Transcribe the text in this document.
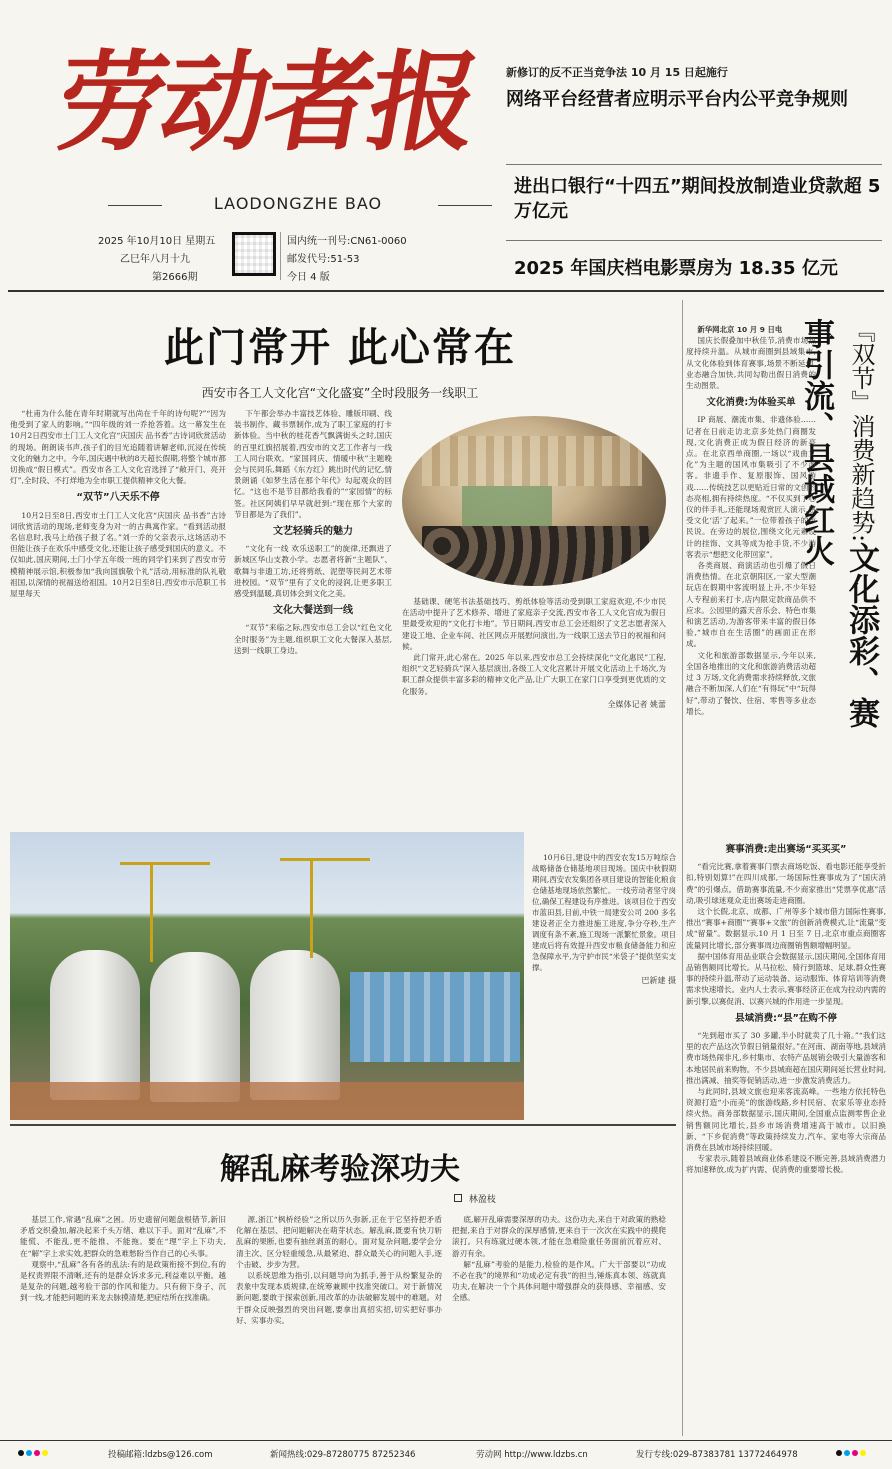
劳动者报
LAODONGZHE BAO
2025 年10月10日 星期五
乙巳年八月十九
第2666期
国内统一刊号:CN61-0060
邮发代号:51-53
今日 4 版
新修订的反不正当竞争法 10 月 15 日起施行
网络平台经营者应明示平台内公平竞争规则
进出口银行“十四五”期间投放制造业贷款超 5 万亿元
2025 年国庆档电影票房为 18.35 亿元
此门常开 此心常在
西安市各工人文化宫“文化盛宴”全时段服务一线职工

“杜甫为什么能在青年时期就写出尚在千年的诗句呢?”“因为他受到了家人的影响。”“四年级的刘一乔抢答着。这一幕发生在10月2日西安市土门工人文化宫“庆国庆 品书香”古诗词欣赏活动的现场。朗朗读书声,孩子们的目光追随着讲解老师,沉浸在传统文化的魅力之中。今年,国庆遇中秋的8天超长假期,将整个城市都切换成“假日模式”。西安市各工人文化宫选择了“敞开门、亮开灯”,全时段、不打烊地为全市职工提供精神文化大餐。

“双节”八天乐不停

10月2日至8日,西安市土门工人文化宫“庆国庆 品书香”古诗词欣赏活动的现场,老师变身为对一的古典寓作家。“看到活动报名信息时,我马上给孩子报了名。”刘一乔的父亲表示,这场活动不但能让孩子在欢乐中感受文化,还能让孩子感受到国庆的意义。不仅如此,国庆期间,土门小学五年级一班的同学们来到了西安市劳模精神展示馆,积极参加“我向国旗敬个礼”活动,用标准的队礼敬祖国,以深情的祝福送给祖国。10月2日至8日,西安市示范职工书屋里每天

下午都会举办丰富技艺体验、雕版印刷、线装书制作、藏书票制作,成为了职工家庭的打卡新体验。当中秋的桂花香气飘满街头之时,国庆的百里红旗招展着,西安市的文艺工作者与一线工人同台联欢。“家国同庆、情暖中秋”主题晚会与民同乐,舞蹈《东方红》跳出时代的记忆,情景朗诵《如梦生活在那个年代》勾起观众的回忆。“这也不是节目都给我看的”“家园情”的标签。社区阿姨们早早就赶到:“现在那个大家的节目都是为了我们”。

文艺轻骑兵的魅力

“文化有一线 欢乐送职工”的旋律,还飘进了新城区华山支教小学。志愿者将新“主题队”、歌舞与非遗工坊,还将剪纸、泥塑等民间艺术带进校园。“双节”里有了文化的浸润,让更多职工感受到温暖,真切体会到文化之美。

文化大餐送到一线

“双节”来临之际,西安市总工会以“红色文化 全时服务”为主题,组织职工文化大餐深入基层,送到一线职工身边。

基础课、硬笔书法基础技巧、剪纸体验等活动受到职工家庭欢迎,不少市民在活动中提升了艺术修养、增进了家庭亲子交流,西安市各工人文化宫成为假日里最受欢迎的“文化打卡地”。节日期间,西安市总工会还组织了文艺志愿者深入建设工地、企业车间、社区网点开展慰问演出,为一线职工送去节日的祝福和问候。

此门常开,此心常在。2025 年以来,西安市总工会持续深化“文化惠民”工程,组织“文艺轻骑兵”深入基层演出,各级工人文化宫累计开展文化活动上千场次,为职工群众提供丰富多彩的精神文化产品,让广大职工在家门口享受到更优质的文化服务。

全媒体记者 姚蕾

10月6日,建设中的西安农发15万吨综合战略储备仓储基地项目现场。国庆中秋假期期间,西安农发集团各项目建设的智能化粮食仓储基地现场依然繁忙。一线劳动者坚守岗位,确保工程建设有序推进。该项目位于西安市蓝田县,目前,中铁一局建安公司 200 多名建设者正全力推进施工进度,争分夺秒,生产调度有条不紊,施工现场一派繁忙景象。项目建成后将有效提升西安市粮食储备能力和应急保障水平,为守护市民“米袋子”提供坚实支撑。

巴新建 摄
解乱麻考验深功夫
林盈枝

基层工作,常遇“乱麻”之困。历史遗留问题盘根错节,新旧矛盾交织叠加,解决起来千头万绪、难以下手。面对“乱麻”,不能慌、不能乱,更不能推、不能拖。要在“理”字上下功夫,在“解”字上求实效,把群众的急难愁盼当作自己的心头事。

观察中,“乱麻”各有各的乱法:有的是政策衔接不到位,有的是权责界限不清晰,还有的是群众诉求多元,利益难以平衡。越是复杂的问题,越考验干部的作风和能力。只有俯下身子、沉到一线,才能把问题的来龙去脉摸清楚,把症结所在找准确。

源,浙江“枫桥经验”之所以历久弥新,正在于它坚持把矛盾化解在基层、把问题解决在萌芽状态。解乱麻,既要有快刀斩乱麻的果断,也要有抽丝剥茧的耐心。面对复杂问题,要学会分清主次、区分轻重缓急,从最紧迫、群众最关心的问题入手,逐个击破、步步为营。

以系统思维为指引,以问题导向为抓手,善于从纷繁复杂的表象中发现本质规律,在统筹兼顾中找准突破口。对于新情况新问题,要敢于探索创新,用改革的办法破解发展中的难题。对于群众反映强烈的突出问题,要拿出真招实招,切实把好事办好、实事办实。

底,解开乱麻需要深厚的功夫。这份功夫,来自于对政策的熟稔把握,来自于对群众的深厚感情,更来自于一次次在实践中的摸爬滚打。只有练就过硬本领,才能在急难险重任务面前沉着应对、游刃有余。

解“乱麻”考验的是能力,检验的是作风。广大干部要以“功成不必在我”的境界和“功成必定有我”的担当,锤炼真本领、练就真功夫,在解决一个个具体问题中增强群众的获得感、幸福感、安全感。

『双节』消费新趋势:文化添彩、赛事引流、县域红火

新华网北京 10 月 9 日电

国庆长假叠加中秋佳节,消费市场热度持续升温。从城市商圈到县域集市,从文化体验到体育赛事,场景不断延伸,业态融合加快,共同勾勒出假日消费的生动图景。

文化消费:为体验买单

IP 商展、潮流市集、非遗体验……记者在日前走访北京多处热门商圈发现,文化消费正成为假日经济的新亮点。在北京西单商圈,一场以“戏曲文化”为主题的国风市集吸引了不少游客。非遗手作、复原服饰、国风游戏……传统技艺以更贴近日常的文创形态亮相,拥有持续热度。“不仅买到了心仪的伴手礼,还能现场观赏匠人演示,感受文化‘活’了起来。”一位带着孩子的市民说。在旁边的展位,围绕文化元素设计的挂饰、文具等成为抢手货,不少游客表示“想把文化带回家”。

各类商展、商演活动也引爆了假日消费热情。在北京朝阳区,一家大型潮玩店在假期中客流明显上升,不少年轻人专程前来打卡,店内限定款商品供不应求。公园里的露天音乐会、特色市集和演艺活动,为游客带来丰富的假日体验,“城市自在生活圈”的画面正在形成。

文化和旅游部数据显示,今年以来,全国各地推出的文化和旅游消费活动超过 3 万场,文化消费需求持续释放,文旅融合不断加深,人们在“有得玩”中“玩得好”,带动了餐饮、住宿、零售等多业态增长。

赛事消费:走出赛场“买买买”

“看完比赛,拿着赛事门票去商场吃饭、看电影还能享受折扣,特别划算!”在四川成都,一场国际性赛事成为了“国庆消费”的引爆点。借助赛事流量,不少商家推出“凭票享优惠”活动,吸引球迷观众走出赛场走进商圈。

这个长假,北京、成都、广州等多个城市借力国际性赛事,推出“赛事+商圈”“赛事+文旅”的创新消费模式,让“流量”变成“留量”。数据显示,10 月 1 日至 7 日,北京市重点商圈客流量同比增长,部分赛事周边商圈销售额增幅明显。

据中国体育用品业联合会数据显示,国庆期间,全国体育用品销售额同比增长。从马拉松、骑行到篮球、足球,群众性赛事的持续升温,带动了运动装备、运动服饰、体育培训等消费需求快速增长。业内人士表示,赛事经济正在成为拉动内需的新引擎,以赛促消、以赛兴城的作用进一步显现。

县域消费:“县”在购不停

“先到超市买了 30 多罐,半小时就卖了几十箱。”“我们这里的农产品这次节假日销量很好。”在河南、湖南等地,县域消费市场热闹非凡,乡村集市、农特产品展销会吸引大量游客和本地居民前来购物。不少县城商超在国庆期间延长营业时间,推出满减、抽奖等促销活动,进一步激发消费活力。

与此同时,县域文旅也迎来客流高峰。一些地方依托特色资源打造“小而美”的旅游线路,乡村民宿、农家乐等业态持续火热。商务部数据显示,国庆期间,全国重点监测零售企业销售额同比增长,县乡市场消费增速高于城市。以旧换新、“下乡促消费”等政策持续发力,汽车、家电等大宗商品消费在县域市场持续回暖。

专家表示,随着县域商业体系建设不断完善,县域消费潜力将加速释放,成为扩内需、促消费的重要增长极。

投稿邮箱:ldzbs@126.com	新闻热线:029-87280775 87252346	劳动网 http://www.ldzbs.cn	发行专线:029-87383781 13772464978
